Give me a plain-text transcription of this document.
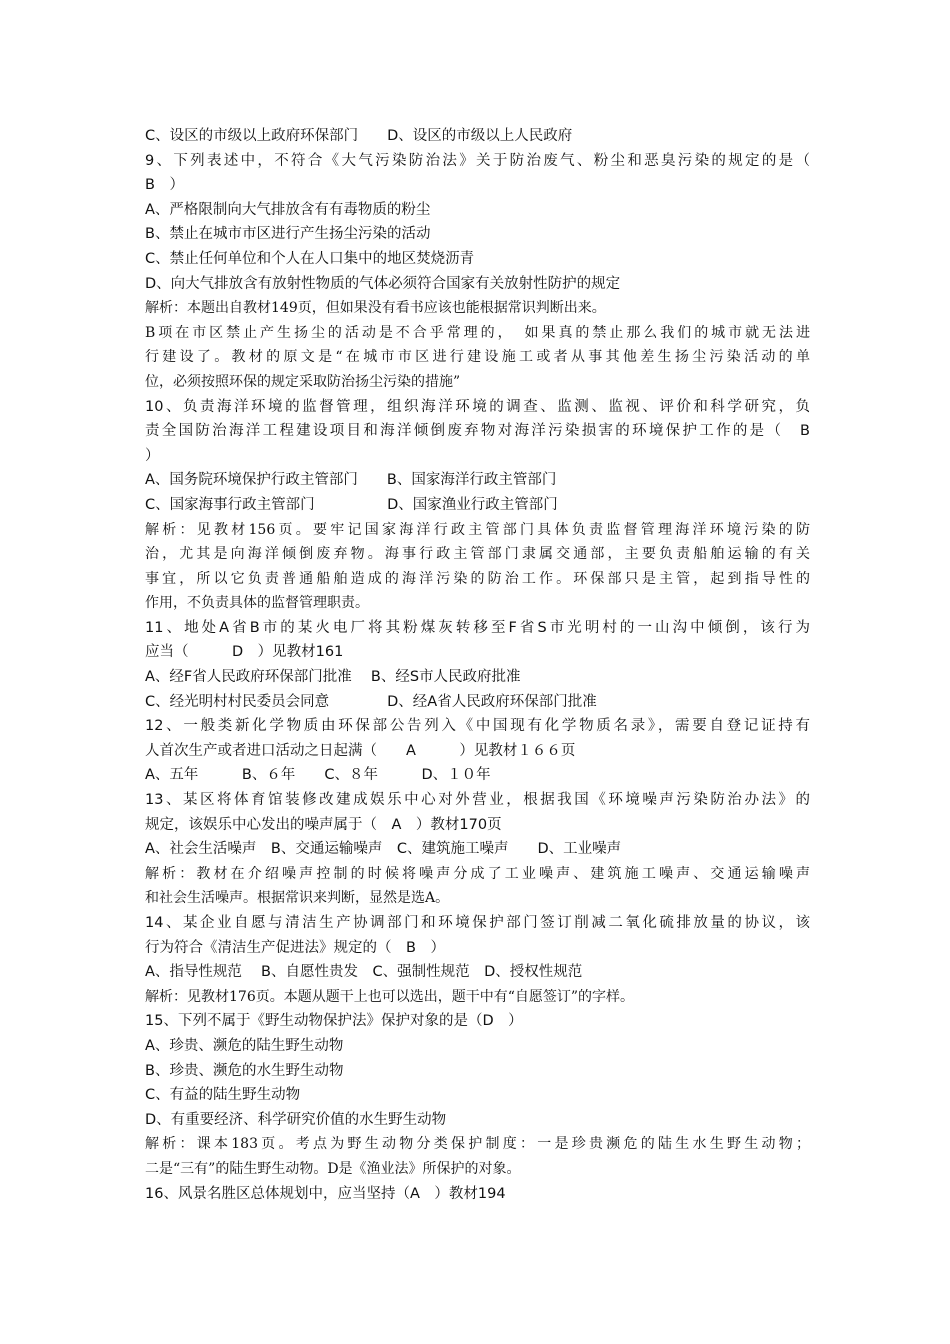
C、设区的市级以上政府环保部门　　D、设区的市级以上人民政府
9、下列表述中，不符合《大气污染防治法》关于防治废气、粉尘和恶臭污染的规定的是（
B　）
A、严格限制向大气排放含有有毒物质的粉尘
B、禁止在城市市区进行产生扬尘污染的活动
C、禁止任何单位和个人在人口集中的地区焚烧沥青
D、向大气排放含有放射性物质的气体必须符合国家有关放射性防护的规定
解析：本题出自教材149页，但如果没有看书应该也能根据常识判断出来。
B项在市区禁止产生扬尘的活动是不合乎常理的，　如果真的禁止那么我们的城市就无法进
行建设了。教材的原文是“在城市市区进行建设施工或者从事其他差生扬尘污染活动的单
位，必须按照环保的规定采取防治扬尘污染的措施”
10、负责海洋环境的监督管理，组织海洋环境的调查、监测、监视、评价和科学研究，负
责全国防治海洋工程建设项目和海洋倾倒废弃物对海洋污染损害的环境保护工作的是（　B
）
A、国务院环境保护行政主管部门　　B、国家海洋行政主管部门
C、国家海事行政主管部门　　　　　D、国家渔业行政主管部门
解析：见教材156页。要牢记国家海洋行政主管部门具体负责监督管理海洋环境污染的防
治，尤其是向海洋倾倒废弃物。海事行政主管部门隶属交通部，主要负责船舶运输的有关
事宜，所以它负责普通船舶造成的海洋污染的防治工作。环保部只是主管，起到指导性的
作用，不负责具体的监督管理职责。
11、地处A省B市的某火电厂将其粉煤灰转移至F省S市光明村的一山沟中倾倒，该行为
应当（　　　D　）见教材161
A、经F省人民政府环保部门批准　 B、经S市人民政府批准
C、经光明村村民委员会同意　　　　D、经A省人民政府环保部门批准
12、一般类新化学物质由环保部公告列入《中国现有化学物质名录》，需要自登记证持有
人首次生产或者进口活动之日起满（　　A　　　）见教材１６６页
A、五年　　　B、６年　　C、８年　　　D、１０年
13、某区将体育馆装修改建成娱乐中心对外营业，根据我国《环境噪声污染防治办法》的
规定，该娱乐中心发出的噪声属于（　A　）教材170页
A、社会生活噪声　B、交通运输噪声　C、建筑施工噪声　　D、工业噪声
解析：教材在介绍噪声控制的时候将噪声分成了工业噪声、建筑施工噪声、交通运输噪声
和社会生活噪声。根据常识来判断，显然是选A。
14、某企业自愿与清洁生产协调部门和环境保护部门签订削减二氧化硫排放量的协议，该
行为符合《清洁生产促进法》规定的（　B　）
A、指导性规范　 B、自愿性贵发　C、强制性规范　D、授权性规范
解析：见教材176页。本题从题干上也可以选出，题干中有“自愿签订”的字样。
15、下列不属于《野生动物保护法》保护对象的是（D　）
A、珍贵、濒危的陆生野生动物
B、珍贵、濒危的水生野生动物
C、有益的陆生野生动物
D、有重要经济、科学研究价值的水生野生动物
解析：课本183页。考点为野生动物分类保护制度：一是珍贵濒危的陆生水生野生动物；
二是“三有”的陆生野生动物。D是《渔业法》所保护的对象。
16、风景名胜区总体规划中，应当坚持（A　）教材194
